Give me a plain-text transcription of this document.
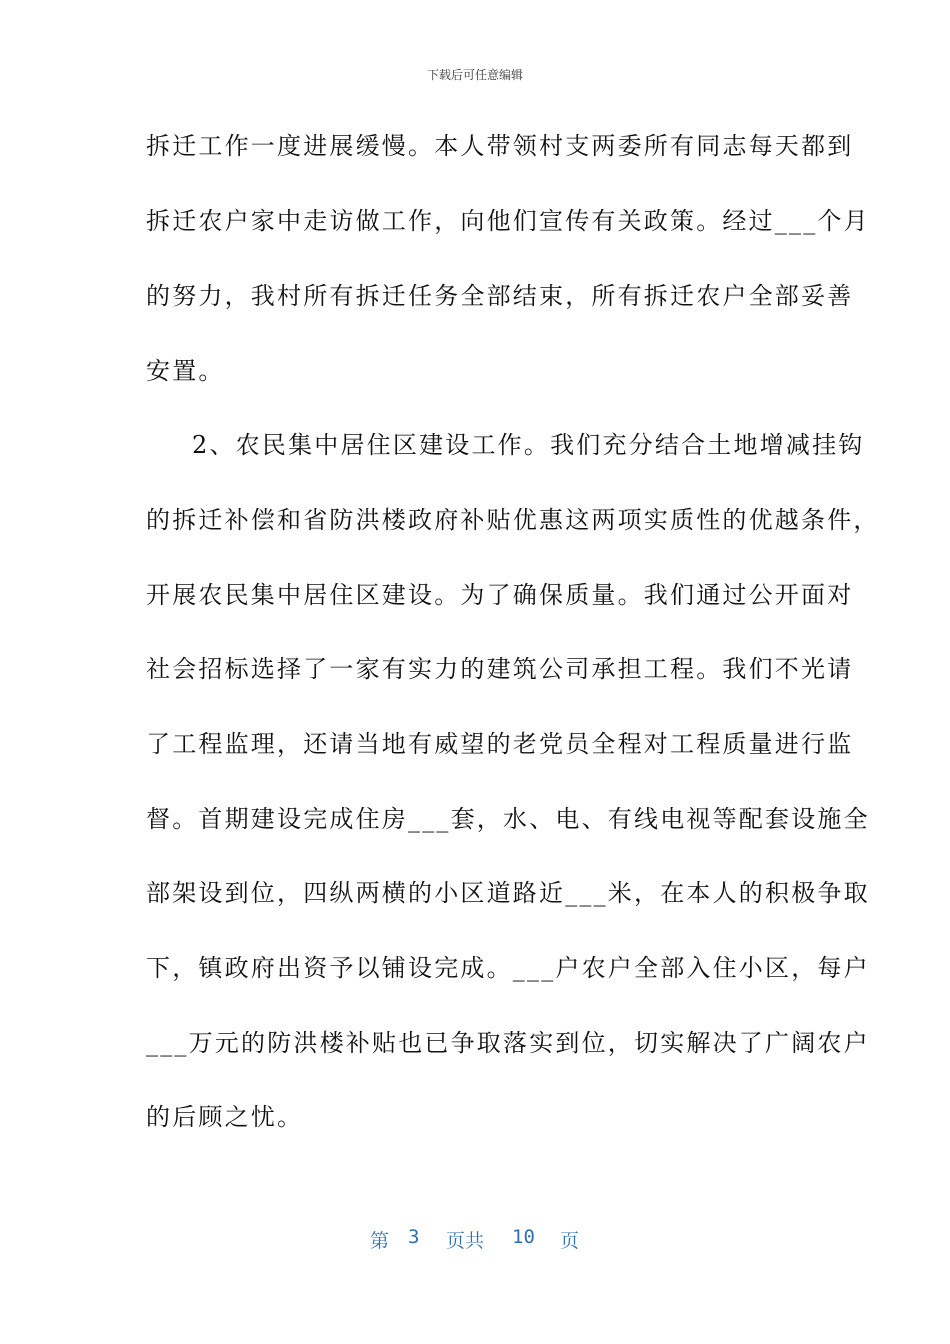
下载后可任意编辑
拆迁工作一度进展缓慢。本人带领村支两委所有同志每天都到
拆迁农户家中走访做工作，向他们宣传有关政策。经过___个月
的努力，我村所有拆迁任务全部结束，所有拆迁农户全部妥善
安置。
2、农民集中居住区建设工作。我们充分结合土地增减挂钩
的拆迁补偿和省防洪楼政府补贴优惠这两项实质性的优越条件，
开展农民集中居住区建设。为了确保质量。我们通过公开面对
社会招标选择了一家有实力的建筑公司承担工程。我们不光请
了工程监理，还请当地有威望的老党员全程对工程质量进行监
督。首期建设完成住房___套，水、电、有线电视等配套设施全
部架设到位，四纵两横的小区道路近___米，在本人的积极争取
下，镇政府出资予以铺设完成。___户农户全部入住小区，每户
___万元的防洪楼补贴也已争取落实到位，切实解决了广阔农户
的后顾之忧。
第 3	页共	10	页
